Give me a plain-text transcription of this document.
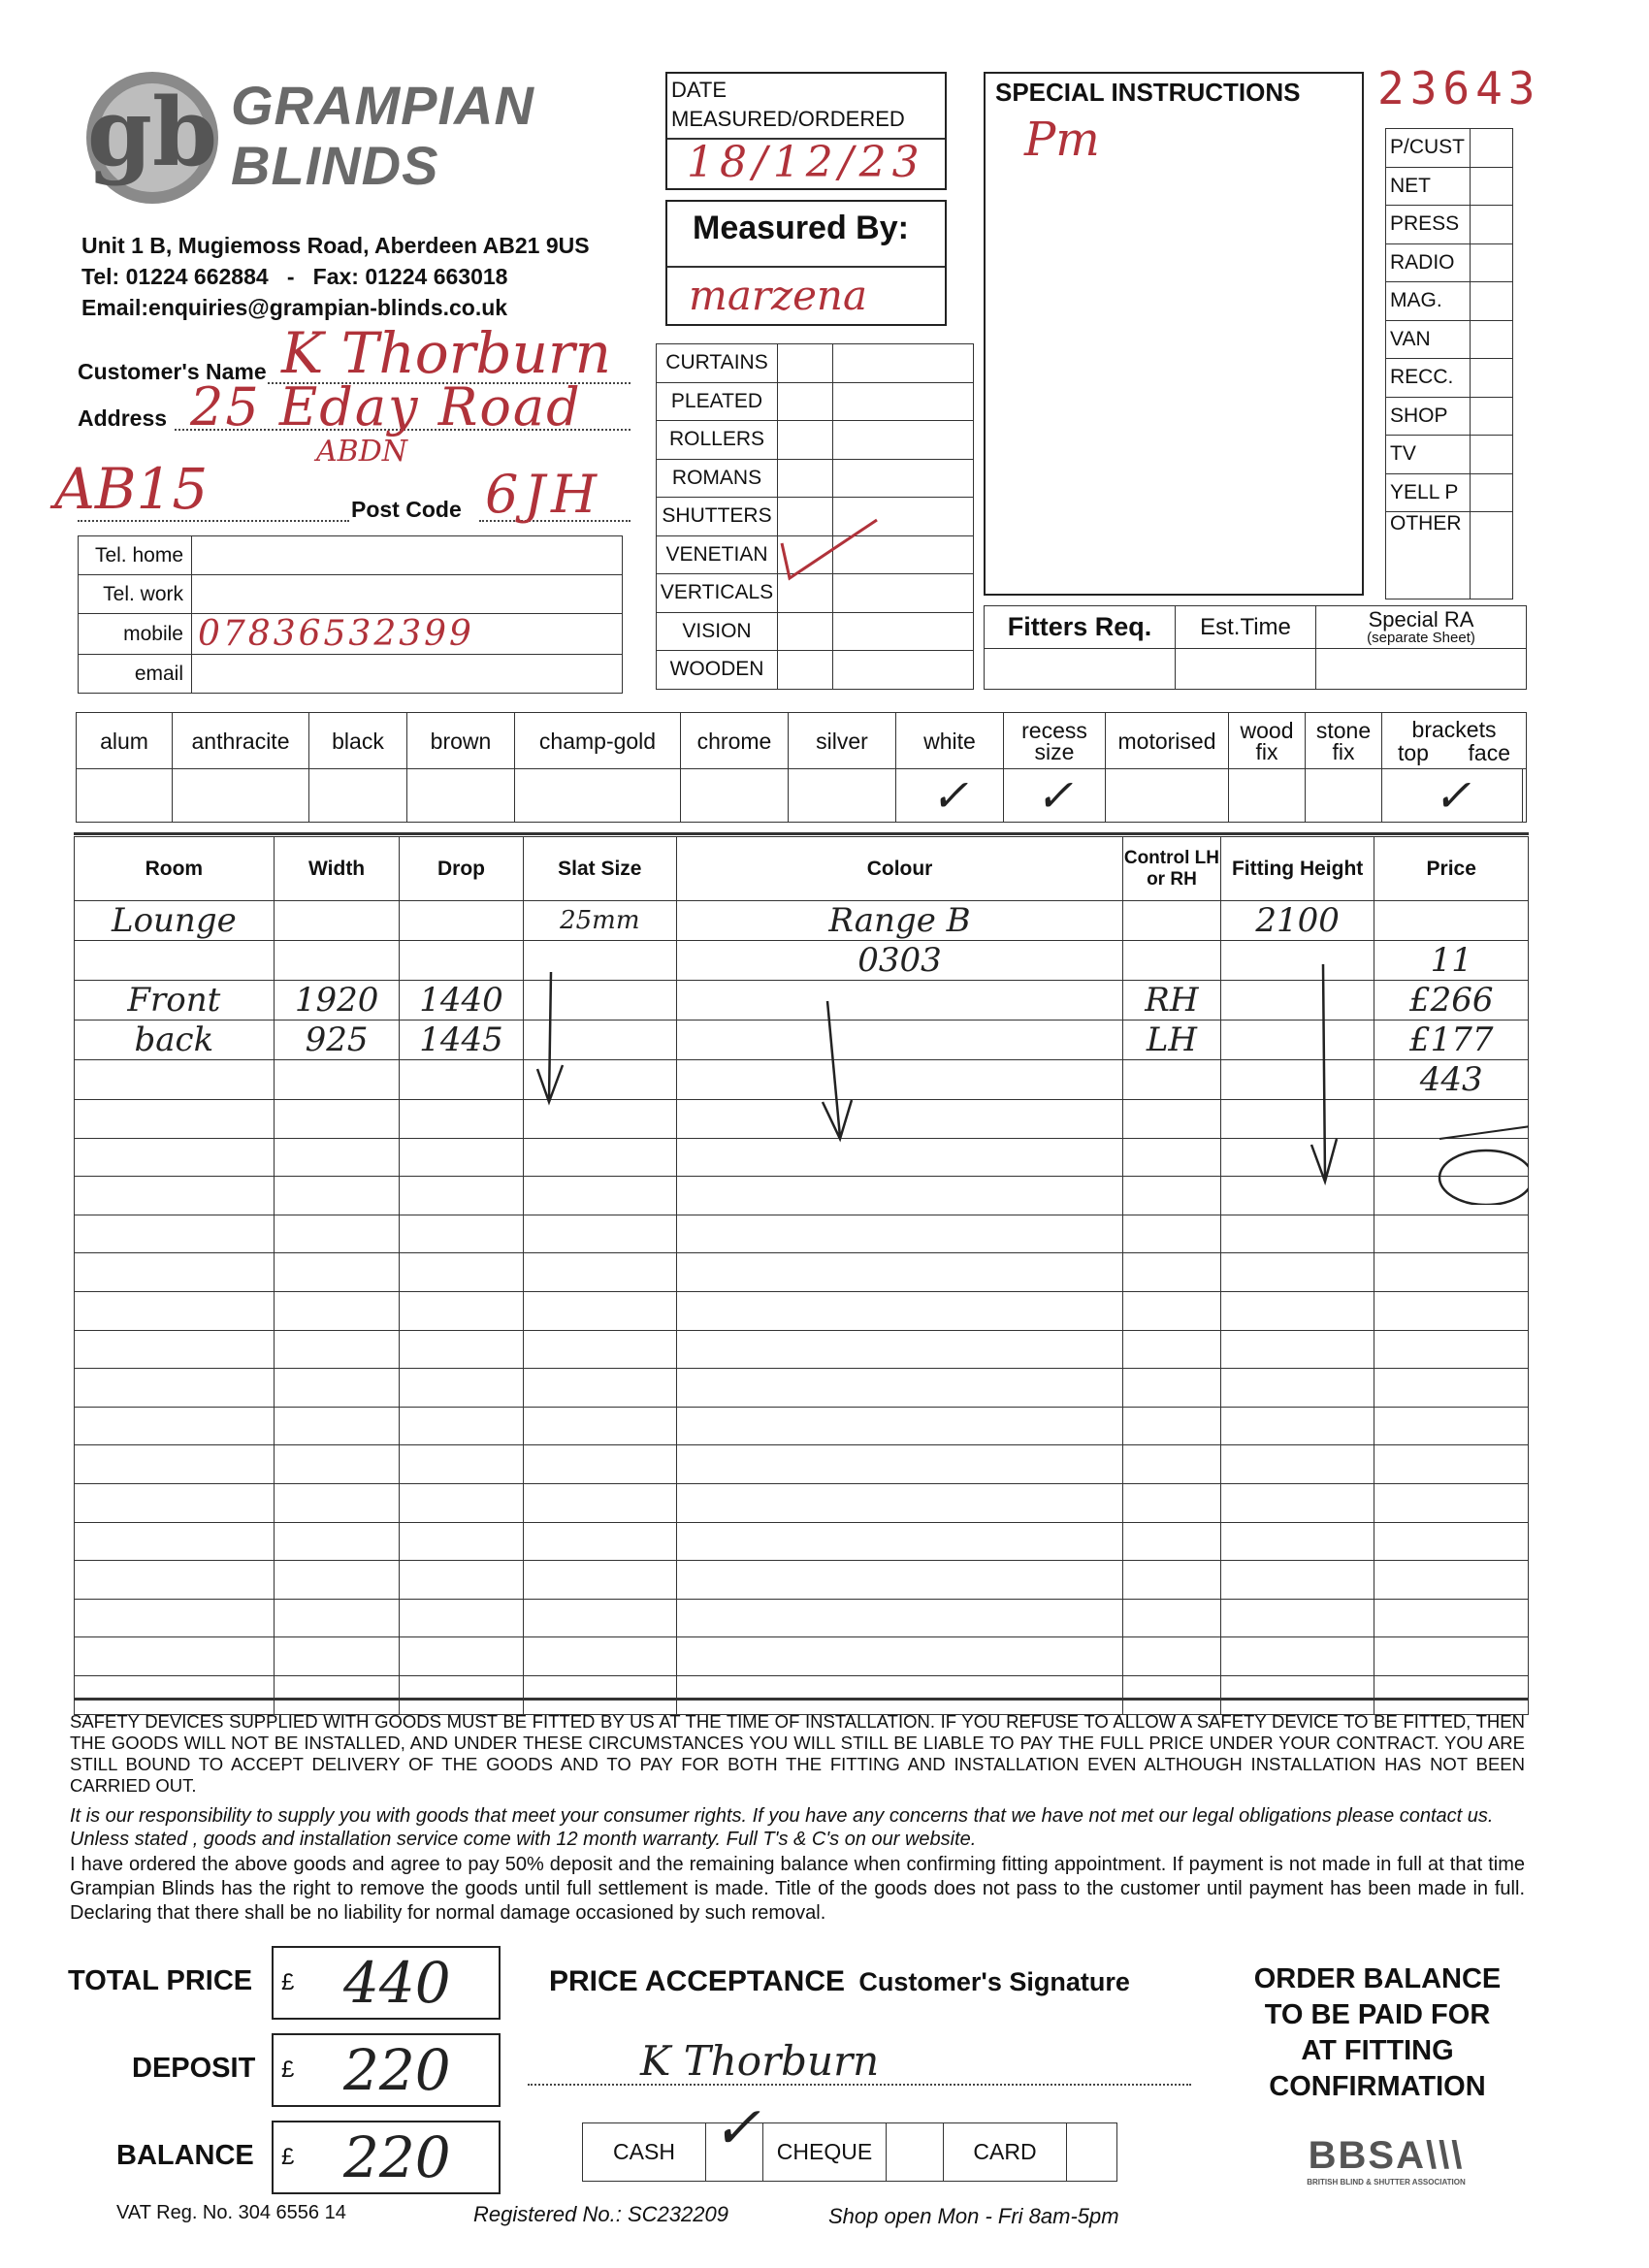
gb GRAMPIAN
BLINDS
Unit 1 B, Mugiemoss Road, Aberdeen AB21 9US
Tel: 01224 662884   -   Fax: 01224 663018
Email:enquiries@grampian-blinds.co.uk
DATE
MEASURED/ORDERED
18/12/23
Measured By:
marzena
SPECIAL INSTRUCTIONS
Pm
23643
P/CUST	
NET	
PRESS	
RADIO	
MAG.	
VAN	
RECC.	
SHOP	
TV	
YELL P	
OTHER	
Customer's Name K Thorburn
Address 25 Eday Road
ABDN
AB15	Post Code 6JH
Tel. home	
Tel. work	
mobile	07836532399
email	
CURTAINS		
PLEATED		
ROLLERS		
ROMANS		
SHUTTERS		
VENETIAN		
VERTICALS		
VISION		
WOODEN		
Fitters Req.	Est.Time	Special RA
(separate Sheet)

alum	anthracite	black	brown	champ-gold	chrome	silver	white	recess size	motorised	wood fix	stone fix	brackets
top face	

							✓	✓				✓	
Room	Width	Drop	Slat Size	Colour	Control LH or RH	Fitting Height	Price
Lounge			25mm	Range B		2100	
				0303			11
Front	1920	1440			RH		£266
back	925	1445			LH		£177
							443

SAFETY DEVICES SUPPLIED WITH GOODS MUST BE FITTED BY US AT THE TIME OF INSTALLATION. IF YOU REFUSE TO ALLOW A SAFETY DEVICE TO BE FITTED, THEN THE GOODS WILL NOT BE INSTALLED, AND UNDER THESE CIRCUMSTANCES YOU WILL STILL BE LIABLE TO PAY THE FULL PRICE UNDER YOUR CONTRACT. YOU ARE STILL BOUND TO ACCEPT DELIVERY OF THE GOODS AND TO PAY FOR BOTH THE FITTING AND INSTALLATION EVEN ALTHOUGH INSTALLATION HAS NOT BEEN CARRIED OUT.
It is our responsibility to supply you with goods that meet your consumer rights. If you have any concerns that we have not met our legal obligations please contact us. Unless stated , goods and installation service come with 12 month warranty. Full T's & C's on our website.
I have ordered the above goods and agree to pay 50% deposit and the remaining balance when confirming fitting appointment. If payment is not made in full at that time Grampian Blinds has the right to remove the goods until full settlement is made. Title of the goods does not pass to the customer until payment has been made in full. Declaring that there shall be no liability for normal damage occasioned by such removal.
TOTAL PRICE £ 440
DEPOSIT £ 220
BALANCE £ 220
PRICE ACCEPTANCE Customer's Signature
K Thorburn
CASH	✓	CHEQUE		CARD	
ORDER BALANCE
TO BE PAID FOR
AT FITTING
CONFIRMATION
BBSA\\\
BRITISH BLIND & SHUTTER ASSOCIATION
VAT Reg. No. 304 6556 14	Registered No.: SC232209	Shop open Mon - Fri 8am-5pm
